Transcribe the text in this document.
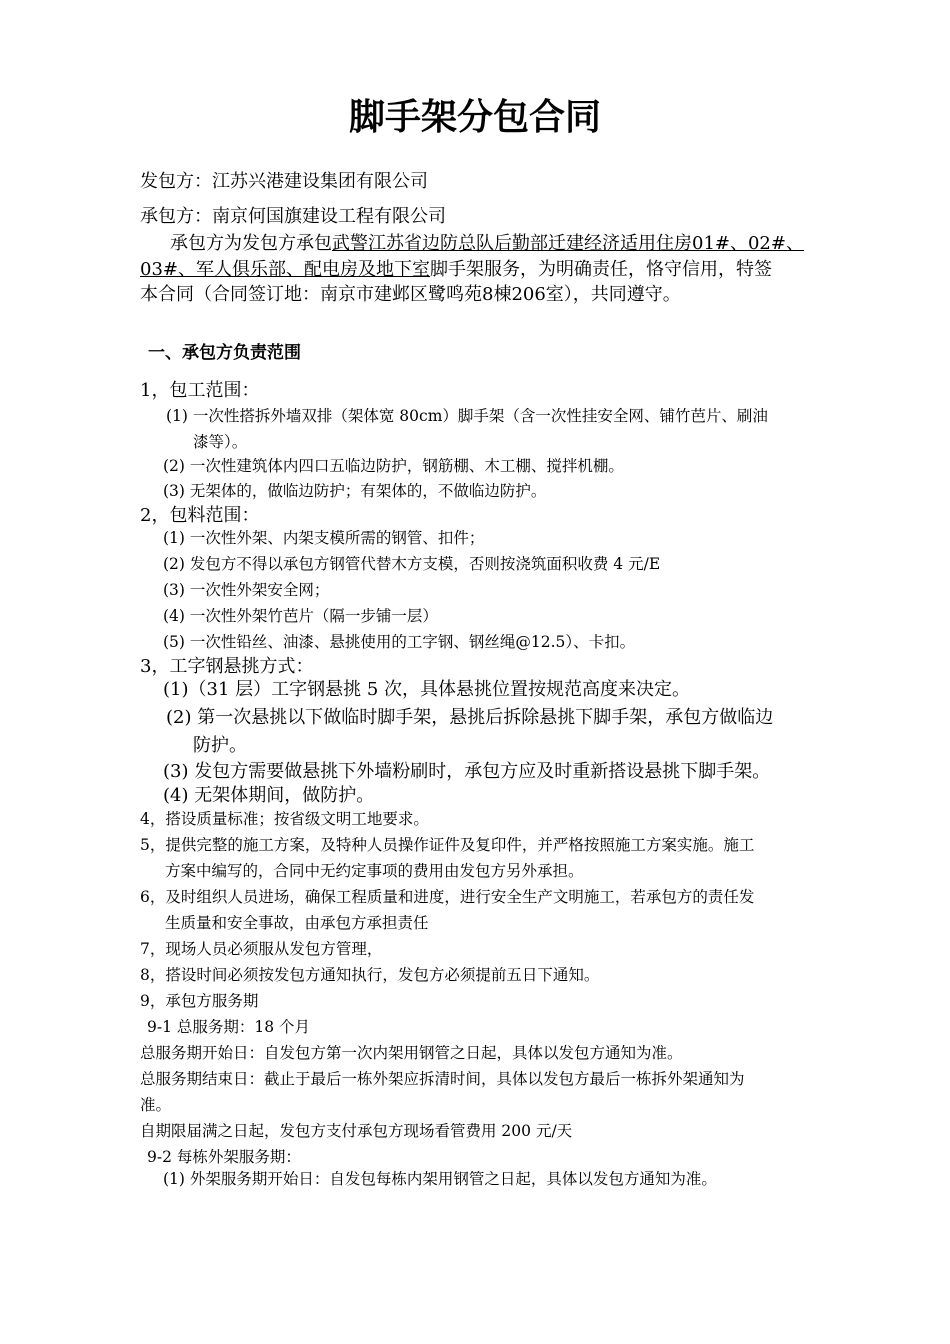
脚手架分包合同
发包方：江苏兴港建设集团有限公司
承包方：南京何国旗建设工程有限公司
承包方为发包方承包武警江苏省边防总队后勤部迁建经济适用住房01#、02#、
03#、军人俱乐部、配电房及地下室脚手架服务，为明确责任，恪守信用，特签
本合同（合同签订地：南京市建邺区鹭鸣苑8棟206室），共同遵守。
一、承包方负责范围
1，包工范围：
(1) 一次性搭拆外墙双排（架体宽 80cm）脚手架（含一次性挂安全网、铺竹芭片、刷油
漆等）。
(2) 一次性建筑体内四口五临边防护，钢筋棚、木工棚、搅拌机棚。
(3) 无架体的，做临边防护；有架体的，不做临边防护。
2，包料范围：
(1) 一次性外架、内架支模所需的钢管、扣件；
(2) 发包方不得以承包方钢管代替木方支模，否则按浇筑面积收费 4 元/E
(3) 一次性外架安全网；
(4) 一次性外架竹芭片（隔一步铺一层）
(5) 一次性铅丝、油漆、悬挑使用的工字钢、钢丝绳@12.5）、卡扣。
3，工字钢悬挑方式：
(1)（31 层）工字钢悬挑 5 次，具体悬挑位置按规范高度来决定。
(2) 第一次悬挑以下做临时脚手架，悬挑后拆除悬挑下脚手架，承包方做临边
防护。
(3) 发包方需要做悬挑下外墙粉刷时，承包方应及时重新搭设悬挑下脚手架。
(4) 无架体期间，做防护。
4，搭设质量标准；按省级文明工地要求。
5，提供完整的施工方案，及特种人员操作证件及复印件，并严格按照施工方案实施。施工
方案中编写的，合同中无约定事项的费用由发包方另外承担。
6，及时组织人员进场，确保工程质量和进度，进行安全生产文明施工，若承包方的责任发
生质量和安全事故，由承包方承担责任
7，现场人员必须服从发包方管理，
8，搭设时间必须按发包方通知执行，发包方必须提前五日下通知。
9，承包方服务期
9-1 总服务期：18 个月
总服务期开始日：自发包方第一次内架用钢管之日起，具体以发包方通知为准。
总服务期结束日：截止于最后一栋外架应拆清时间，具体以发包方最后一栋拆外架通知为
准。
自期限届满之日起，发包方支付承包方现场看管费用 200 元/天
9-2 每栋外架服务期：
(1) 外架服务期开始日：自发包每栋内架用钢管之日起，具体以发包方通知为准。
